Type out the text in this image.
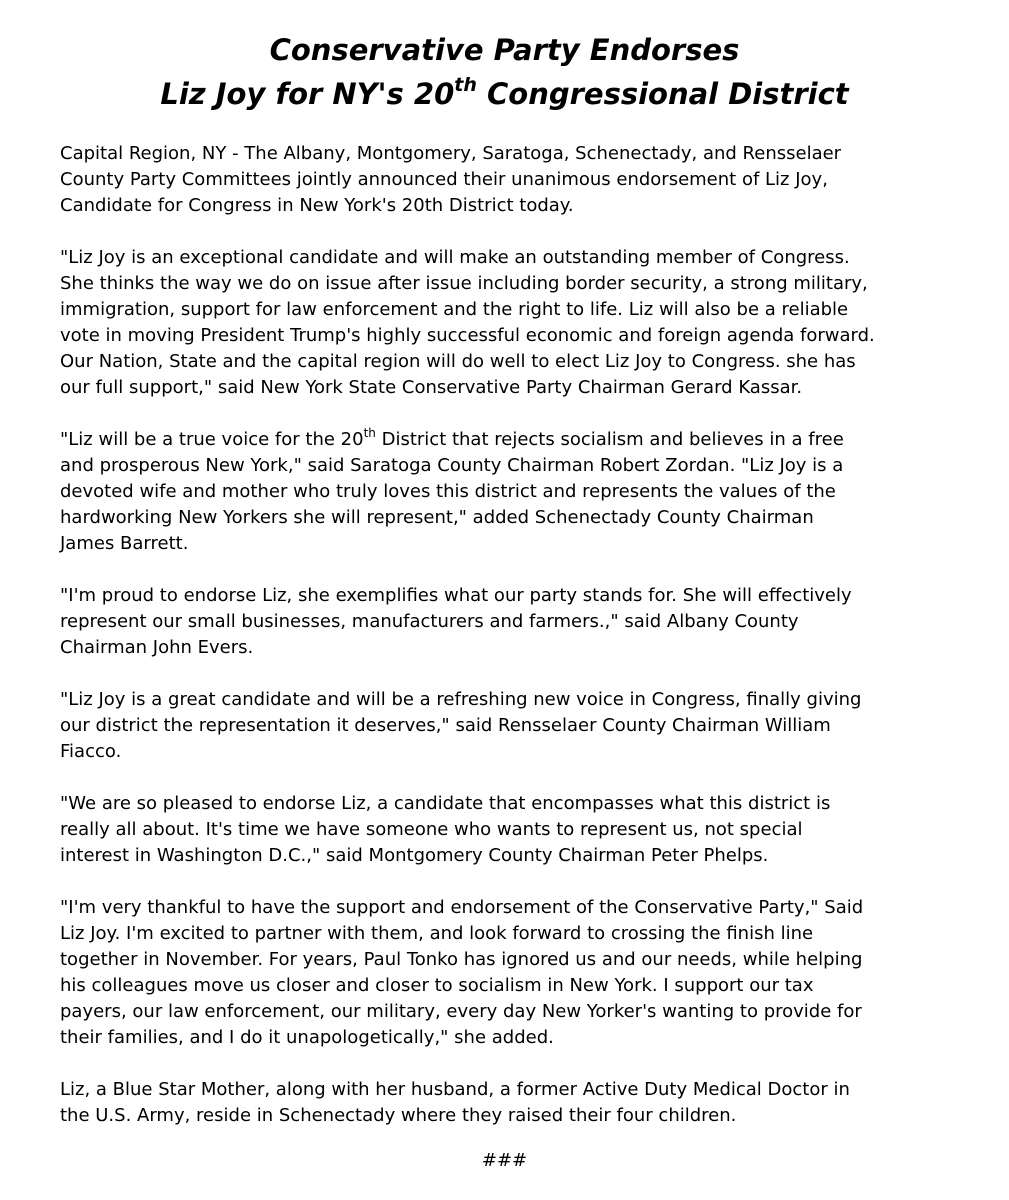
Conservative Party Endorses
Liz Joy for NY's 20th Congressional District

Capital Region, NY - The Albany, Montgomery, Saratoga, Schenectady, and Rensselaer
County Party Committees jointly announced their unanimous endorsement of Liz Joy,
Candidate for Congress in New York's 20th District today.

"Liz Joy is an exceptional candidate and will make an outstanding member of Congress.
She thinks the way we do on issue after issue including border security, a strong military,
immigration, support for law enforcement and the right to life. Liz will also be a reliable
vote in moving President Trump's highly successful economic and foreign agenda forward.
Our Nation, State and the capital region will do well to elect Liz Joy to Congress. she has
our full support," said New York State Conservative Party Chairman Gerard Kassar.

"Liz will be a true voice for the 20th District that rejects socialism and believes in a free
and prosperous New York," said Saratoga County Chairman Robert Zordan. "Liz Joy is a
devoted wife and mother who truly loves this district and represents the values of the
hardworking New Yorkers she will represent," added Schenectady County Chairman
James Barrett.

"I'm proud to endorse Liz, she exemplifies what our party stands for. She will effectively
represent our small businesses, manufacturers and farmers.," said Albany County
Chairman John Evers.

"Liz Joy is a great candidate and will be a refreshing new voice in Congress, finally giving
our district the representation it deserves," said Rensselaer County Chairman William
Fiacco.

"We are so pleased to endorse Liz, a candidate that encompasses what this district is
really all about. It's time we have someone who wants to represent us, not special
interest in Washington D.C.," said Montgomery County Chairman Peter Phelps.

"I'm very thankful to have the support and endorsement of the Conservative Party," Said
Liz Joy. I'm excited to partner with them, and look forward to crossing the finish line
together in November. For years, Paul Tonko has ignored us and our needs, while helping
his colleagues move us closer and closer to socialism in New York. I support our tax
payers, our law enforcement, our military, every day New Yorker's wanting to provide for
their families, and I do it unapologetically," she added.

Liz, a Blue Star Mother, along with her husband, a former Active Duty Medical Doctor in
the U.S. Army, reside in Schenectady where they raised their four children.

###
